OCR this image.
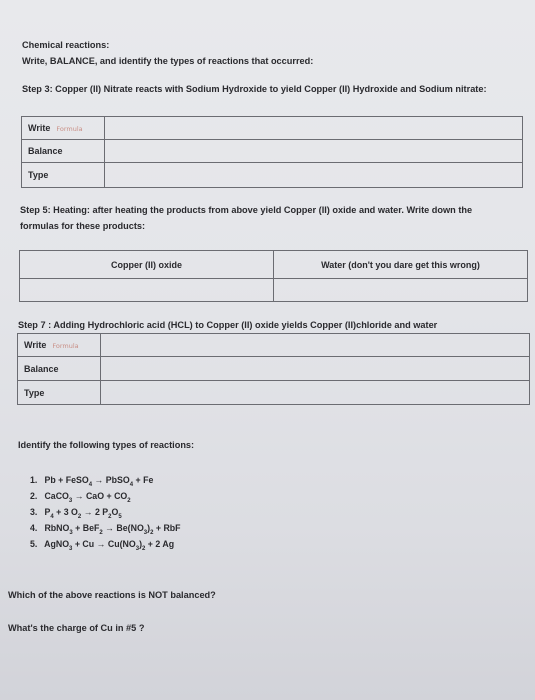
Chemical reactions:
Write, BALANCE, and identify the types of reactions that occurred:
Step 3: Copper (II) Nitrate reacts with Sodium Hydroxide to yield Copper (II) Hydroxide and Sodium nitrate:
Write Formula	
Balance	
Type	
Step 5: Heating: after heating the products from above yield Copper (II) oxide and water. Write down the
formulas for these products:
Copper (II) oxide	Water (don't you dare get this wrong)

Step 7 : Adding Hydrochloric acid (HCL) to Copper (II) oxide yields Copper (II)chloride and water
Write Formula	
Balance	
Type	
Identify the following types of reactions:
1. Pb + FeSO$_4$ → PbSO$_4$ + Fe
2. CaCO$_3$ → CaO + $CO_2$
3. $P_4 + 3$ $O_2 \to 2$ $P_2O_5$
4. RbNO$_3$ + $BeF_2 \to Be(NO_3)_2$ + RbF
5. AgNO$_3$ + $Cu \to Cu(NO_3)_2 + 2$ Ag
Which of the above reactions is NOT balanced?
What's the charge of Cu in #5 ?
